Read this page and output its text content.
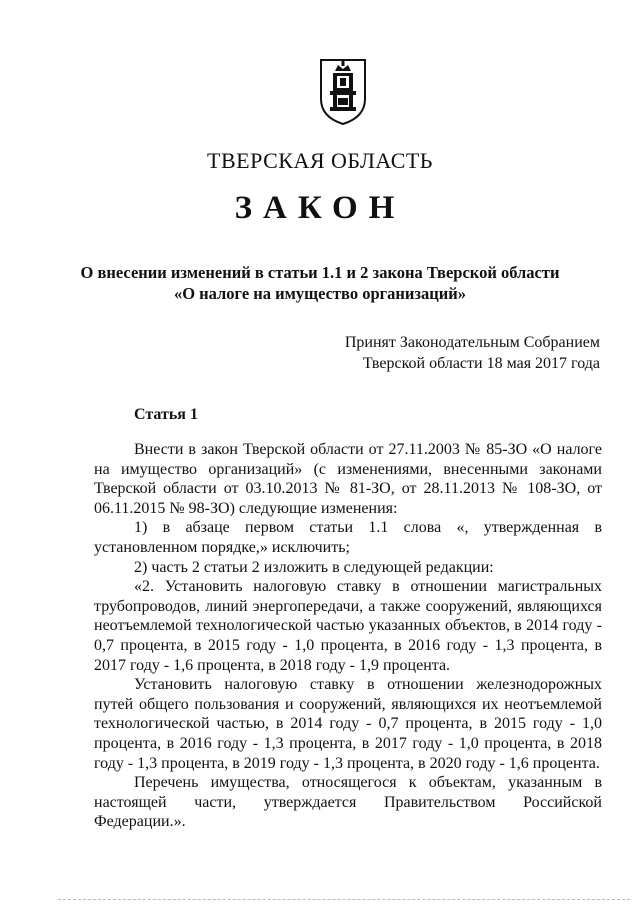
ТВЕРСКАЯ ОБЛАСТЬ
ЗАКОН
О внесении изменений в статьи 1.1 и 2 закона Тверской области
«О налоге на имущество организаций»
Принят Законодательным Собранием
Тверской области 18 мая 2017 года
Статья 1

Внести в закон Тверской области от 27.11.2003 № 85-ЗО «О налоге на имущество организаций» (с изменениями, внесенными законами Тверской области от 03.10.2013 № 81-ЗО, от 28.11.2013 № 108-ЗО, от 06.11.2015 № 98-ЗО) следующие изменения:

1) в абзаце первом статьи 1.1 слова «, утвержденная в установленном порядке,» исключить;

2) часть 2 статьи 2 изложить в следующей редакции:

«2. Установить налоговую ставку в отношении магистральных трубопроводов, линий энергопередачи, а также сооружений, являющихся неотъемлемой технологической частью указанных объектов, в 2014 году - 0,7 процента, в 2015 году - 1,0 процента, в 2016 году - 1,3 процента, в 2017 году - 1,6 процента, в 2018 году - 1,9 процента.

Установить налоговую ставку в отношении железнодорожных путей общего пользования и сооружений, являющихся их неотъемлемой технологической частью, в 2014 году - 0,7 процента, в 2015 году - 1,0 процента, в 2016 году - 1,3 процента, в 2017 году - 1,0 процента, в 2018 году - 1,3 процента, в 2019 году - 1,3 процента, в 2020 году - 1,6 процента.

Перечень имущества, относящегося к объектам, указанным в настоящей части, утверждается Правительством Российской Федерации.».
